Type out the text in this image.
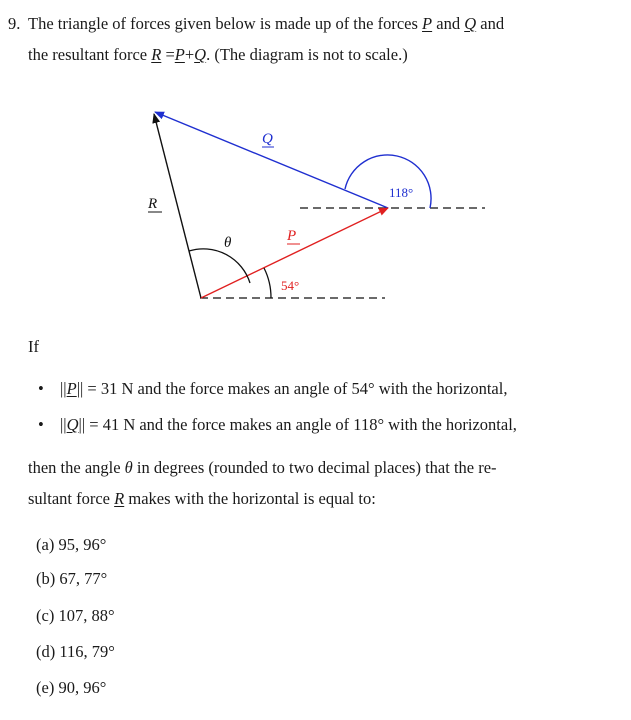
9. The triangle of forces given below is made up of the forces P and Q and
the resultant force R =P+Q. (The diagram is not to scale.)
Q
118°
R
θ	P
54°
If
• ||P|| = 31 N and the force makes an angle of 54° with the horizontal,
• ||Q|| = 41 N and the force makes an angle of 118° with the horizontal,
then the angle θ in degrees (rounded to two decimal places) that the re-
sultant force R makes with the horizontal is equal to:
(a) 95, 96°
(b) 67, 77°
(c) 107, 88°
(d) 116, 79°
(e) 90, 96°
